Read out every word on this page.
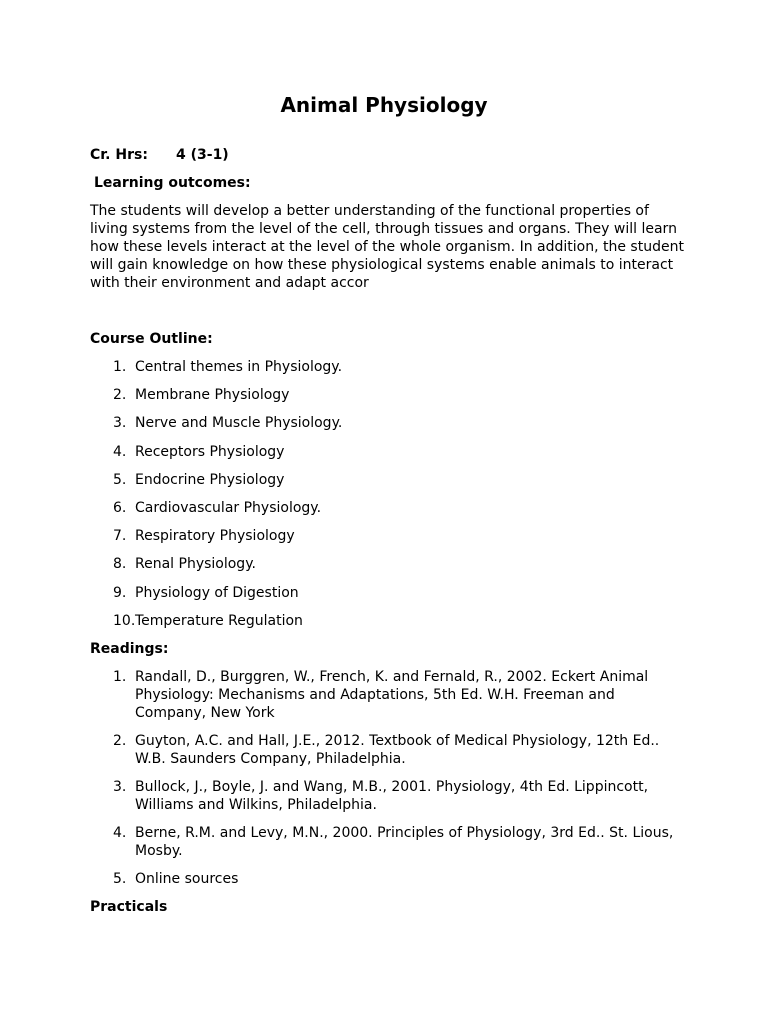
Animal Physiology
Cr. Hrs: 4 (3-1)
Learning outcomes:

The students will develop a better understanding of the functional properties of living systems from the level of the cell, through tissues and organs. They will learn how these levels interact at the level of the whole organism. In addition, the student will gain knowledge on how these physiological systems enable animals to interact with their environment and adapt accor

Course Outline:
1. Central themes in Physiology.
2. Membrane Physiology
3. Nerve and Muscle Physiology.
4. Receptors Physiology
5. Endocrine Physiology
6. Cardiovascular Physiology.
7. Respiratory Physiology
8. Renal Physiology.
9. Physiology of Digestion
10. Temperature Regulation
Readings:
1. Randall, D., Burggren, W., French, K. and Fernald, R., 2002. Eckert Animal Physiology: Mechanisms and Adaptations, 5th Ed. W.H. Freeman and Company, New York
2. Guyton, A.C. and Hall, J.E., 2012. Textbook of Medical Physiology, 12th Ed.. W.B. Saunders Company, Philadelphia.
3. Bullock, J., Boyle, J. and Wang, M.B., 2001. Physiology, 4th Ed. Lippincott, Williams and Wilkins, Philadelphia.
4. Berne, R.M. and Levy, M.N., 2000. Principles of Physiology, 3rd Ed.. St. Lious, Mosby.
5. Online sources
Practicals
